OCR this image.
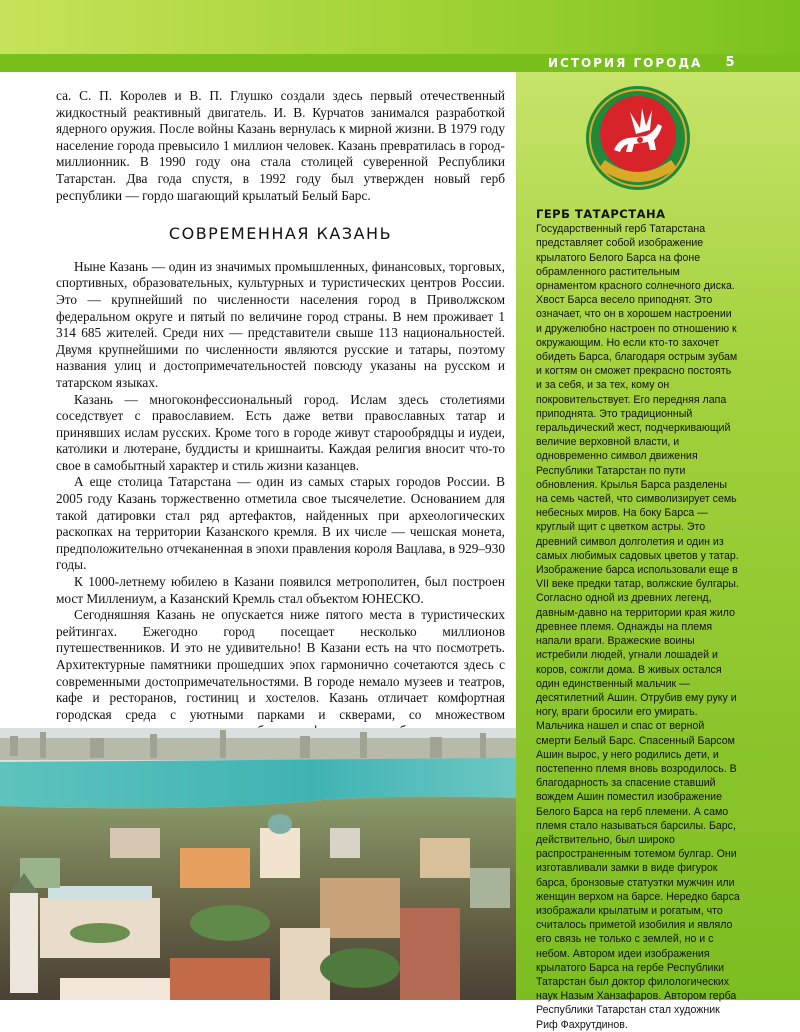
ИСТОРИЯ ГОРОДА	5

са. С. П. Королев и В. П. Глушко создали здесь первый отечественный жидкостный реактивный двигатель. И. В. Курчатов занимался разработкой ядерного оружия. После войны Казань вернулась к мирной жизни. В 1979 году население города превысило 1 миллион человек. Казань превратилась в город-миллионник. В 1990 году она стала столицей суверенной Республики Татарстан. Два года спустя, в 1992 году был утвержден новый герб республики — гордо шагающий крылатый Белый Барс.

СОВРЕМЕННАЯ КАЗАНЬ

Ныне Казань — один из значимых промышленных, финансовых, торговых, спортивных, образовательных, культурных и туристических центров России. Это — крупнейший по численности населения город в Приволжском федеральном округе и пятый по величине город страны. В нем проживает 1 314 685 жителей. Среди них — представители свыше 113 национальностей. Двумя крупнейшими по численности являются русские и татары, поэтому названия улиц и достопримечательностей повсюду указаны на русском и татарском языках.

Казань — многоконфессиональный город. Ислам здесь столетиями соседствует с православием. Есть даже ветви православных татар и принявших ислам русских. Кроме того в городе живут старообрядцы и иудеи, католики и лютеране, буддисты и кришнаиты. Каждая религия вносит что-то свое в самобытный характер и стиль жизни казанцев.

А еще столица Татарстана — один из самых старых городов России. В 2005 году Казань торжественно отметила свое тысячелетие. Основанием для такой датировки стал ряд артефактов, найденных при археологических раскопках на территории Казанского кремля. В их числе — чешская монета, предположительно отчеканенная в эпохи правления короля Вацлава, в 929–930 годы.

К 1000-летнему юбилею в Казани появился метрополитен, был построен мост Миллениум, а Казанский Кремль стал объектом ЮНЕСКО.

Сегодняшняя Казань не опускается ниже пятого места в туристических рейтингах. Ежегодно город посещает несколько миллионов путешественников. И это не удивительно! В Казани есть на что посмотреть. Архитектурные памятники прошедших эпох гармонично сочетаются здесь с современными достопримечательностями. В городе немало музеев и театров, кафе и ресторанов, гостиниц и хостелов. Казань отличает комфортная городская среда с уютными парками и скверами, со множеством

ГЕРБ ТАТАРСТАНА

Государственный герб Татарстана представляет собой изображение крылатого Белого Барса на фоне обрамленного растительным орнаментом красного солнечного диска. Хвост Барса весело приподнят. Это означает, что он в хорошем настроении и дружелюбно настроен по отношению к окружающим. Но если кто-то захочет обидеть Барса, благодаря острым зубам и когтям он сможет прекрасно постоять и за себя, и за тех, кому он покровительствует. Его передняя лапа приподнята. Это традиционный геральдический жест, подчеркивающий величие верховной власти, и одновременно символ движения Республики Татарстан по пути обновления. Крылья Барса разделены на семь частей, что символизирует семь небесных миров. На боку Барса — круглый щит с цветком астры. Это древний символ долголетия и один из самых любимых садовых цветов у татар. Изображение барса использовали еще в VII веке предки татар, волжские булгары. Согласно одной из древних легенд, давным-давно на территории края жило древнее племя. Однажды на племя напали враги. Вражеские воины истребили людей, угнали лошадей и коров, сожгли дома. В живых остался один единственный мальчик — десятилетний Ашин. Отрубив ему руку и ногу, враги бросили его умирать. Мальчика нашел и спас от верной смерти Белый Барс. Спасенный Барсом Ашин вырос, у него родились дети, и постепенно племя вновь возродилось. В благодарность за спасение ставший вождем Ашин поместил изображение Белого Барса на герб племени. А само племя стало называться барсилы. Барс, действительно, был широко распространенным тотемом булгар. Они изготавливали замки в виде фигурок барса, бронзовые статуэтки мужчин или женщин верхом на барсе. Нередко барса изображали крылатым и рогатым, что считалось приметой изобилия и являло его связь не только с землей, но и с небом. Автором идеи изображения крылатого Барса на гербе Республики Татарстан был доктор филологических наук Назым Ханзафаров. Автором герба Республики Татарстан стал художник Риф Фахрутдинов.
